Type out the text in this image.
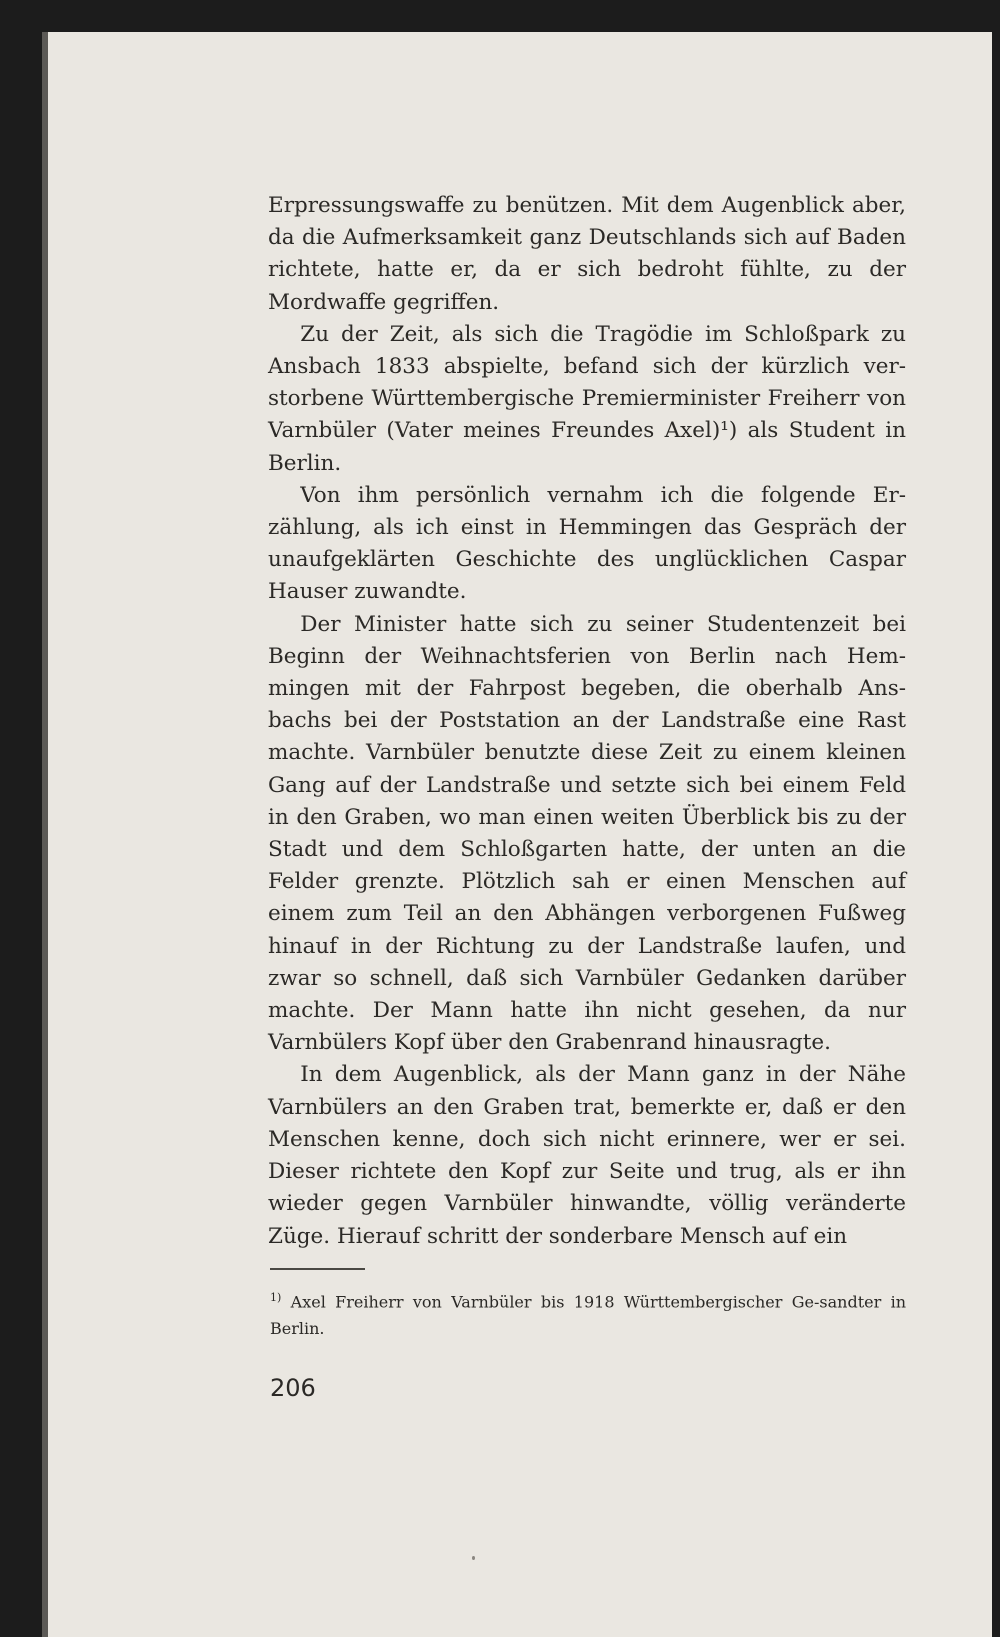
Erpressungswaffe zu benützen. Mit dem Augenblick aber, da die Aufmerksamkeit ganz Deutschlands sich auf Baden richtete, hatte er, da er sich bedroht fühlte, zu der Mordwaffe gegriffen.

Zu der Zeit, als sich die Tragödie im Schloßpark zu Ansbach 1833 abspielte, befand sich der kürzlich ver-storbene Württembergische Premierminister Freiherr von Varnbüler (Vater meines Freundes Axel)¹) als Student in Berlin.

Von ihm persönlich vernahm ich die folgende Er-zählung, als ich einst in Hemmingen das Gespräch der unaufgeklärten Geschichte des unglücklichen Caspar Hauser zuwandte.

Der Minister hatte sich zu seiner Studentenzeit bei Beginn der Weihnachtsferien von Berlin nach Hem-mingen mit der Fahrpost begeben, die oberhalb Ans-bachs bei der Poststation an der Landstraße eine Rast machte. Varnbüler benutzte diese Zeit zu einem kleinen Gang auf der Landstraße und setzte sich bei einem Feld in den Graben, wo man einen weiten Überblick bis zu der Stadt und dem Schloßgarten hatte, der unten an die Felder grenzte. Plötzlich sah er einen Menschen auf einem zum Teil an den Abhängen verborgenen Fußweg hinauf in der Richtung zu der Landstraße laufen, und zwar so schnell, daß sich Varnbüler Gedanken darüber machte. Der Mann hatte ihn nicht gesehen, da nur Varnbülers Kopf über den Grabenrand hinausragte.

In dem Augenblick, als der Mann ganz in der Nähe Varnbülers an den Graben trat, bemerkte er, daß er den Menschen kenne, doch sich nicht erinnere, wer er sei. Dieser richtete den Kopf zur Seite und trug, als er ihn wieder gegen Varnbüler hinwandte, völlig veränderte Züge. Hierauf schritt der sonderbare Mensch auf ein

$^{1)}$ Axel Freiherr von Varnbüler bis 1918 Württembergischer Ge-sandter in Berlin.
206
